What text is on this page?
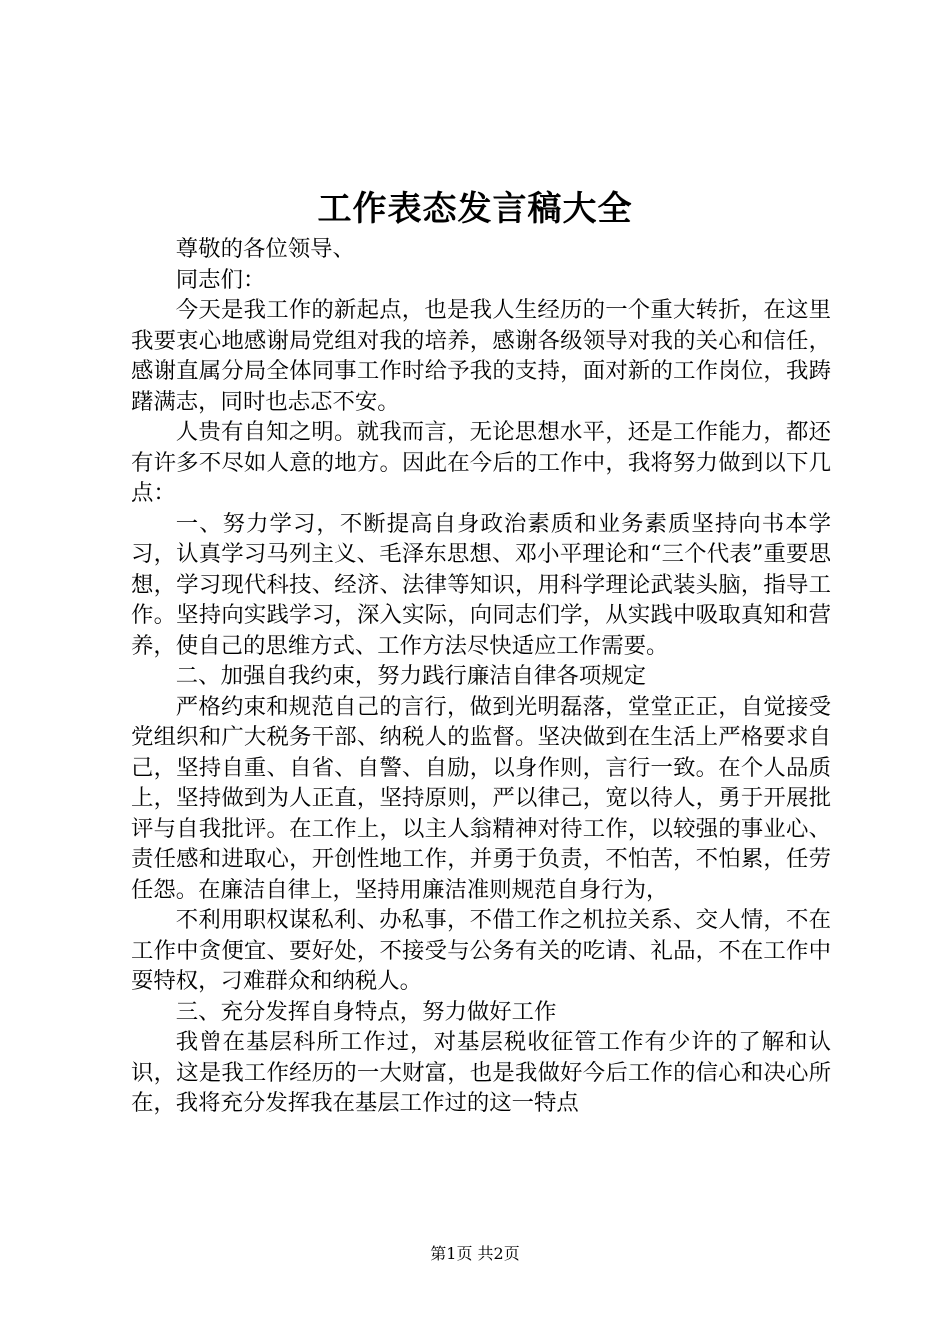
工作表态发言稿大全

尊敬的各位领导、

同志们：

今天是我工作的新起点，也是我人生经历的一个重大转折，在这里我要衷心地感谢局党组对我的培养，感谢各级领导对我的关心和信任，感谢直属分局全体同事工作时给予我的支持，面对新的工作岗位，我踌躇满志，同时也忐忑不安。

人贵有自知之明。就我而言，无论思想水平，还是工作能力，都还有许多不尽如人意的地方。因此在今后的工作中，我将努力做到以下几点：

一、努力学习，不断提高自身政治素质和业务素质坚持向书本学习，认真学习马列主义、毛泽东思想、邓小平理论和“三个代表”重要思想，学习现代科技、经济、法律等知识，用科学理论武装头脑，指导工作。坚持向实践学习，深入实际，向同志们学，从实践中吸取真知和营养，使自己的思维方式、工作方法尽快适应工作需要。

二、加强自我约束，努力践行廉洁自律各项规定

严格约束和规范自己的言行，做到光明磊落，堂堂正正，自觉接受党组织和广大税务干部、纳税人的监督。坚决做到在生活上严格要求自己，坚持自重、自省、自警、自励，以身作则，言行一致。在个人品质上，坚持做到为人正直，坚持原则，严以律己，宽以待人，勇于开展批评与自我批评。在工作上，以主人翁精神对待工作，以较强的事业心、责任感和进取心，开创性地工作，并勇于负责，不怕苦，不怕累，任劳任怨。在廉洁自律上，坚持用廉洁准则规范自身行为，

不利用职权谋私利、办私事，不借工作之机拉关系、交人情，不在工作中贪便宜、要好处，不接受与公务有关的吃请、礼品，不在工作中耍特权，刁难群众和纳税人。

三、充分发挥自身特点，努力做好工作

我曾在基层科所工作过，对基层税收征管工作有少许的了解和认识，这是我工作经历的一大财富，也是我做好今后工作的信心和决心所在，我将充分发挥我在基层工作过的这一特点

第1页 共2页
